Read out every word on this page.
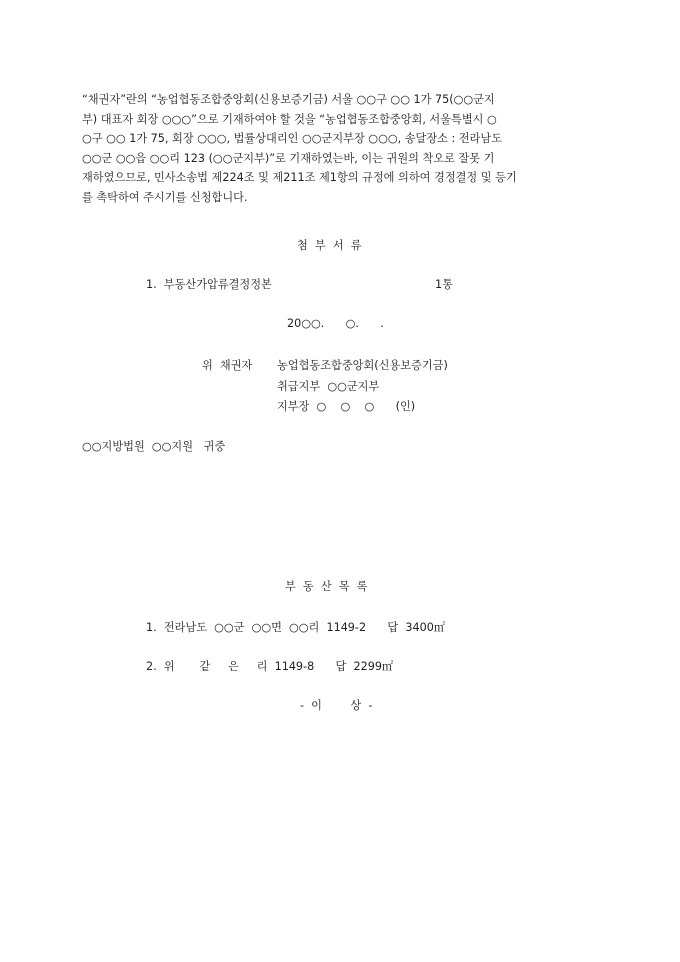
“채권자”란의 “농업협동조합중앙회(신용보증기금) 서울 ○○구 ○○ 1가 75(○○군지
부) 대표자 회장 ○○○”으로 기재하여야 할 것을 “농업협동조합중앙회, 서울특별시 ○
○구 ○○ 1가 75, 회장 ○○○, 법률상대리인 ○○군지부장 ○○○, 송달장소 : 전라남도
○○군 ○○읍 ○○리 123 (○○군지부)”로 기재하였는바, 이는 귀원의 착오로 잘못 기
재하였으므로, 민사소송법 제224조 및 제211조 제1항의 규정에 의하여 경정결정 및 등기
를 촉탁하여 주시기를 신청합니다.
첨  부  서  류
1.  부동산가압류결정정본	1통
20○○.      ○.      .
위  채권자 농업협동조합중앙회(신용보증기금)
취급지부  ○○군지부
지부장  ○    ○    ○      (인)
○○지방법원  ○○지원   귀중
부  동  산  목  록
1.  전라남도  ○○군  ○○면  ○○리  1149-2      답  3400㎡
2.  위       같     은     리  1149-8      답  2299㎡
-  이        상  -
